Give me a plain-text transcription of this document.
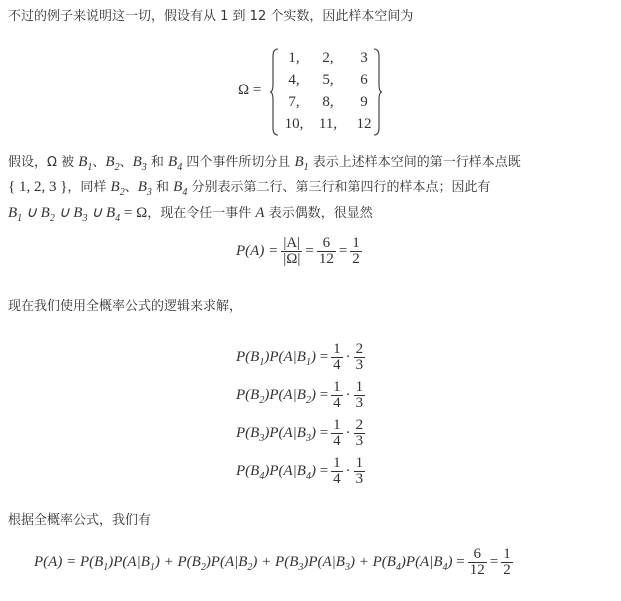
不过的例子来说明这一切，假设有从 1 到 12 个实数，因此样本空间为
Ω =
1,	2,	3
4,	5,	6
7,	8,	9
10,	11,	12
假设，Ω 被 $B_1$、$B_2$、$B_3$ 和 $B_4$ 四个事件所切分且 $B_1$ 表示上述样本空间的第一行样本点既
{ 1, 2, 3 }，同样 $B_2$、$B_3$ 和 $B_4$ 分别表示第二行、第三行和第四行的样本点；因此有
$B_1$ ∪ $B_2$ ∪ $B_3$ ∪ $B_4 = \Omega$，现在令任一事件 A 表示偶数，很显然
$P(A) = \frac{|A|}{|\Omega|} = \frac{6}{12} = \frac{1}{2}$
现在我们使用全概率公式的逻辑来求解，
$P(B_1)P(A|B_1) = \frac{1}{4} \cdot \frac{2}{3}$
$P(B_2)P(A|B_2) = \frac{1}{4} \cdot \frac{1}{3}$
$P(B_3)P(A|B_3) = \frac{1}{4} \cdot \frac{2}{3}$
$P(B_4)P(A|B_4) = \frac{1}{4} \cdot \frac{1}{3}$
根据全概率公式，我们有
$P(A) = P(B_1)P(A|B_1) + P(B_2)P(A|B_2) + P(B_3)P(A|B_3) + P(B_4)P(A|B_4) = \frac{6}{12} = \frac{1}{2}$
